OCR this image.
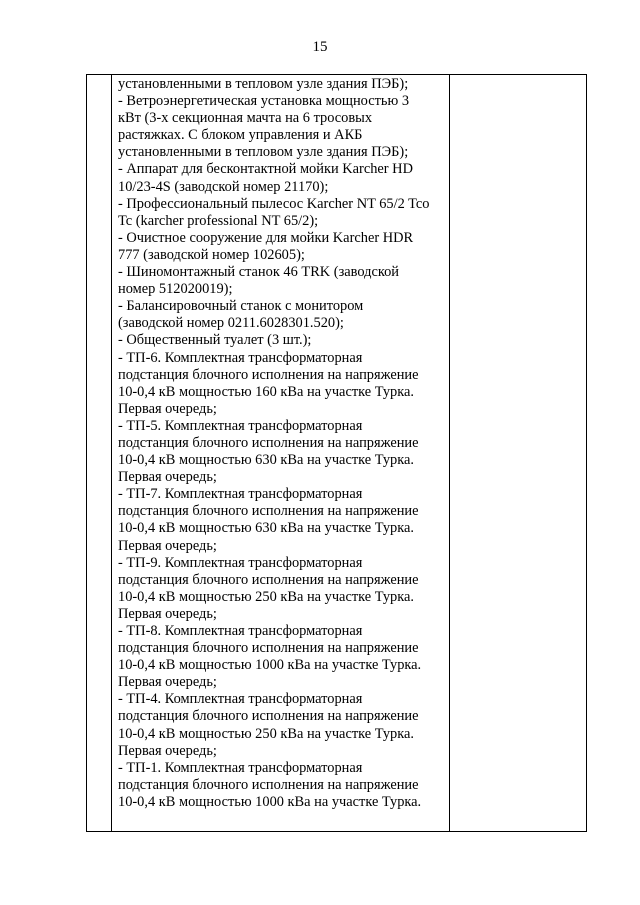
15
установленными в тепловом узле здания ПЭБ);
- Ветроэнергетическая установка мощностью 3
кВт (3-х секционная мачта на 6 тросовых
растяжках. С блоком управления и АКБ
установленными в тепловом узле здания ПЭБ);
- Аппарат для бесконтактной мойки Karcher HD
10/23-4S (заводской номер 21170);
- Профессиональный пылесос Karcher NT 65/2 Tco
Tc (karcher professional NT 65/2);
- Очистное сооружение для мойки Karcher HDR
777 (заводской номер 102605);
- Шиномонтажный станок 46 TRK (заводской
номер 512020019);
- Балансировочный станок с монитором
(заводской номер 0211.6028301.520);
- Общественный туалет (3 шт.);
- ТП-6. Комплектная трансформаторная
подстанция блочного исполнения на напряжение
10-0,4 кВ мощностью 160 кВа на участке Турка.
Первая очередь;
- ТП-5. Комплектная трансформаторная
подстанция блочного исполнения на напряжение
10-0,4 кВ мощностью 630 кВа на участке Турка.
Первая очередь;
- ТП-7. Комплектная трансформаторная
подстанция блочного исполнения на напряжение
10-0,4 кВ мощностью 630 кВа на участке Турка.
Первая очередь;
- ТП-9. Комплектная трансформаторная
подстанция блочного исполнения на напряжение
10-0,4 кВ мощностью 250 кВа на участке Турка.
Первая очередь;
- ТП-8. Комплектная трансформаторная
подстанция блочного исполнения на напряжение
10-0,4 кВ мощностью 1000 кВа на участке Турка.
Первая очередь;
- ТП-4. Комплектная трансформаторная
подстанция блочного исполнения на напряжение
10-0,4 кВ мощностью 250 кВа на участке Турка.
Первая очередь;
- ТП-1. Комплектная трансформаторная
подстанция блочного исполнения на напряжение
10-0,4 кВ мощностью 1000 кВа на участке Турка.
